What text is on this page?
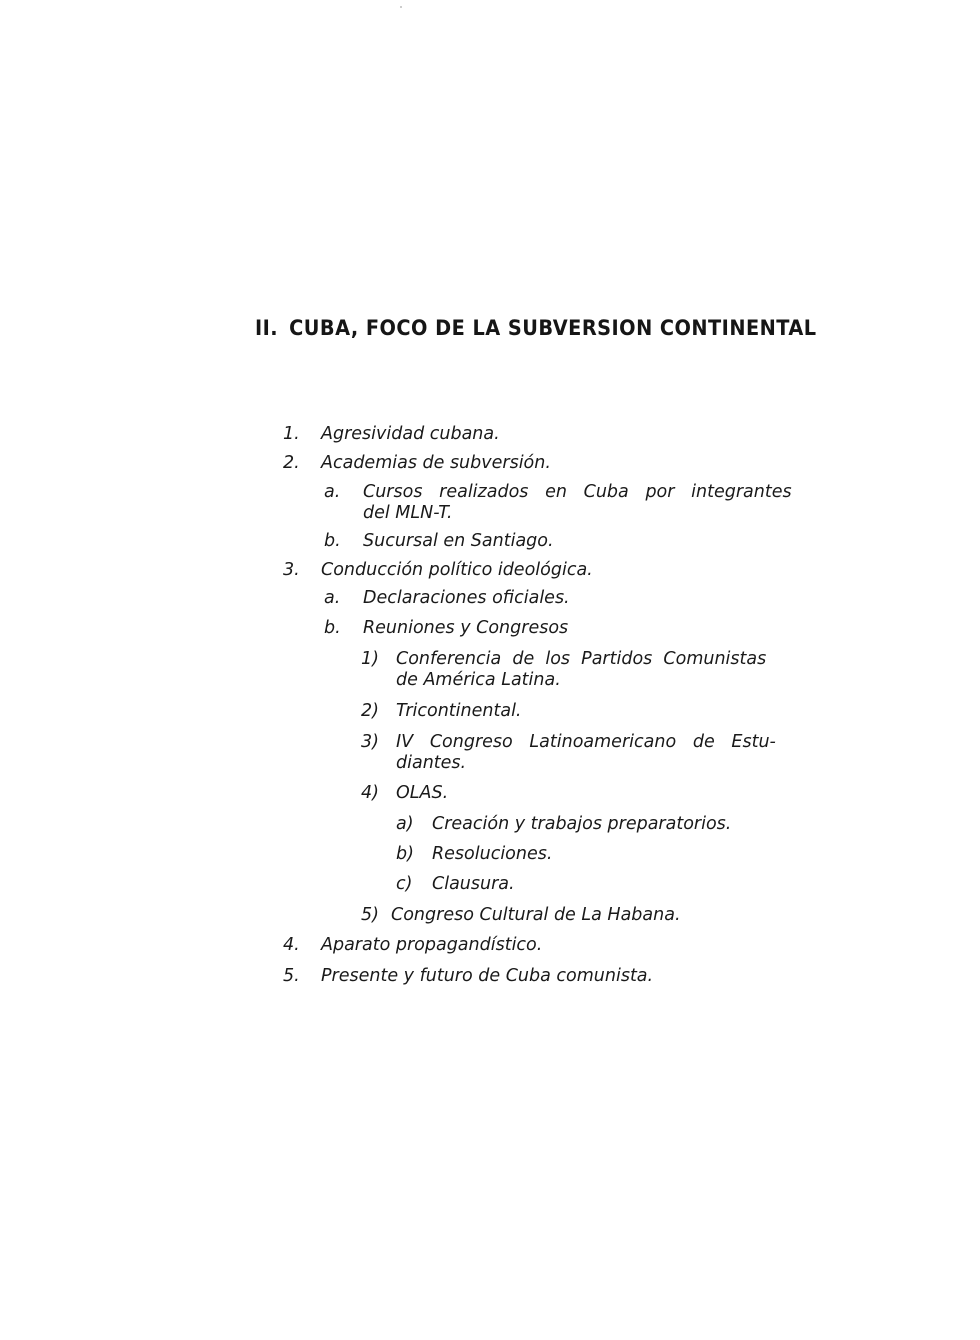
II. CUBA, FOCO DE LA SUBVERSION CONTINENTAL
1. Agresividad cubana.
2. Academias de subversión.
a. Cursos   realizados   en   Cuba   por   integrantes
del MLN-T.
b. Sucursal en Santiago.
3. Conducción político ideológica.
a. Declaraciones oficiales.
b. Reuniones y Congresos
1) Conferencia  de  los  Partidos  Comunistas
de América Latina.
2) Tricontinental.
3) IV   Congreso   Latinoamericano   de   Estu-
diantes.
4) OLAS.
a) Creación y trabajos preparatorios.
b) Resoluciones.
c) Clausura.
5) Congreso Cultural de La Habana.
4. Aparato propagandístico.
5. Presente y futuro de Cuba comunista.
